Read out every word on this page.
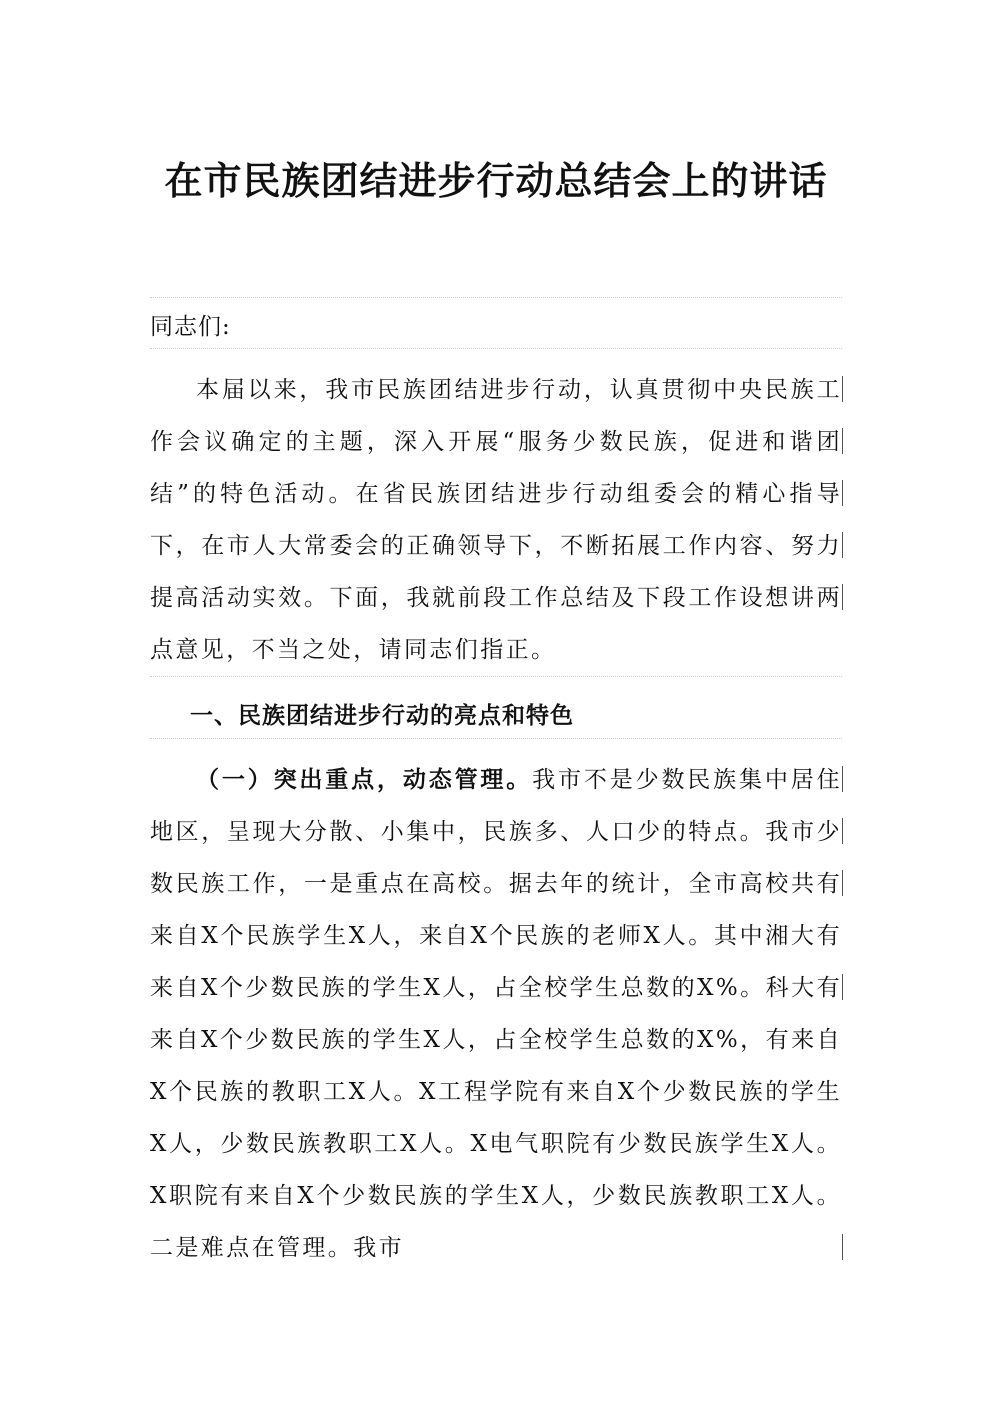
在市民族团结进步行动总结会上的讲话
同志们:
本届以来，我市民族团结进步行动，认真贯彻中央民族工作会议确定的主题，深入开展“服务少数民族，促进和谐团结”的特色活动。在省民族团结进步行动组委会的精心指导下，在市人大常委会的正确领导下，不断拓展工作内容、努力提高活动实效。下面，我就前段工作总结及下段工作设想讲两点意见，不当之处，请同志们指正。
一、民族团结进步行动的亮点和特色
（一）突出重点，动态管理。我市不是少数民族集中居住地区，呈现大分散、小集中，民族多、人口少的特点。我市少数民族工作，一是重点在高校。据去年的统计，全市高校共有来自X个民族学生X人，来自X个民族的老师X人。其中湘大有来自X个少数民族的学生X人，占全校学生总数的X%。科大有来自X个少数民族的学生X人，占全校学生总数的X%，有来自X个民族的教职工X人。X工程学院有来自X个少数民族的学生X人，少数民族教职工X人。X电气职院有少数民族学生X人。X职院有来自X个少数民族的学生X人，少数民族教职工X人。二是难点在管理。我市
